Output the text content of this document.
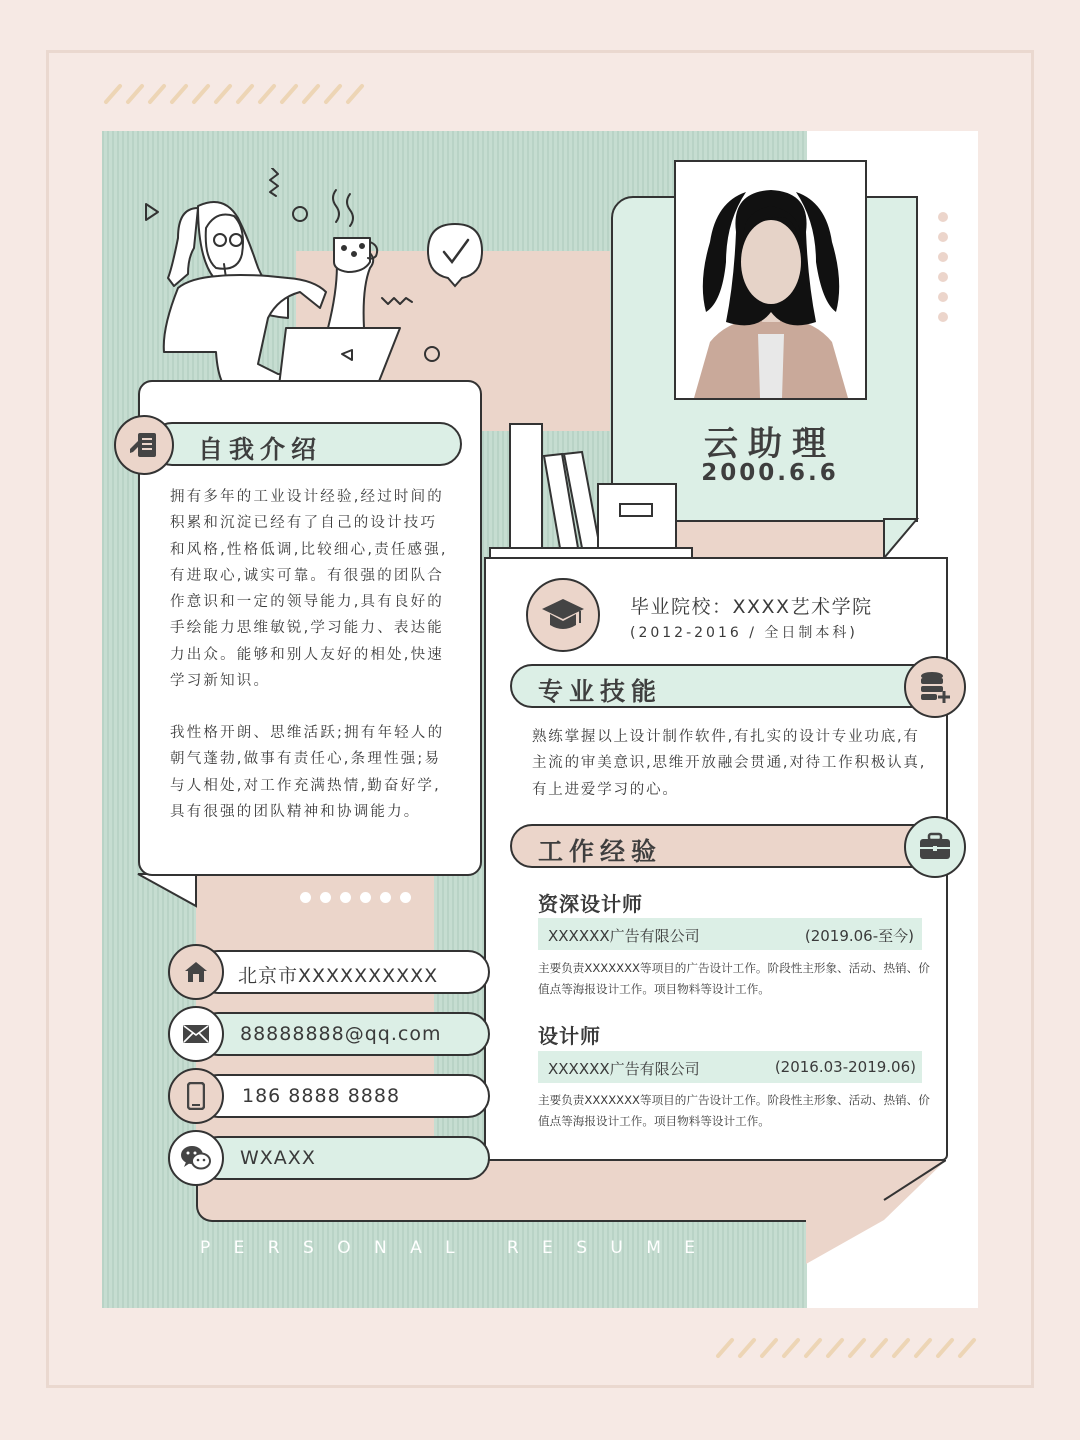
云助理
2000.6.6
自我介绍
拥有多年的工业设计经验,经过时间的积累和沉淀已经有了自己的设计技巧和风格,性格低调,比较细心,责任感强,有进取心,诚实可靠。有很强的团队合作意识和一定的领导能力,具有良好的手绘能力思维敏锐,学习能力、表达能力出众。能够和别人友好的相处,快速学习新知识。
我性格开朗、思维活跃;拥有年轻人的朝气蓬勃,做事有责任心,条理性强;易与人相处,对工作充满热情,勤奋好学,具有很强的团队精神和协调能力。
毕业院校：XXXX艺术学院
(2012-2016 / 全日制本科)
专业技能
熟练掌握以上设计制作软件,有扎实的设计专业功底,有主流的审美意识,思维开放融会贯通,对待工作积极认真,有上进爱学习的心。
工作经验
资深设计师
XXXXXX广告有限公司	(2019.06-至今)
主要负责XXXXXXX等项目的广告设计工作。阶段性主形象、活动、热销、价值点等海报设计工作。项目物料等设计工作。
设计师
XXXXXX广告有限公司	(2016.03-2019.06)
主要负责XXXXXXX等项目的广告设计工作。阶段性主形象、活动、热销、价值点等海报设计工作。项目物料等设计工作。
北京市XXXXXXXXXX
88888888@qq.com
186 8888 8888
WXAXX
P E R S O N A L   R E S U M E
